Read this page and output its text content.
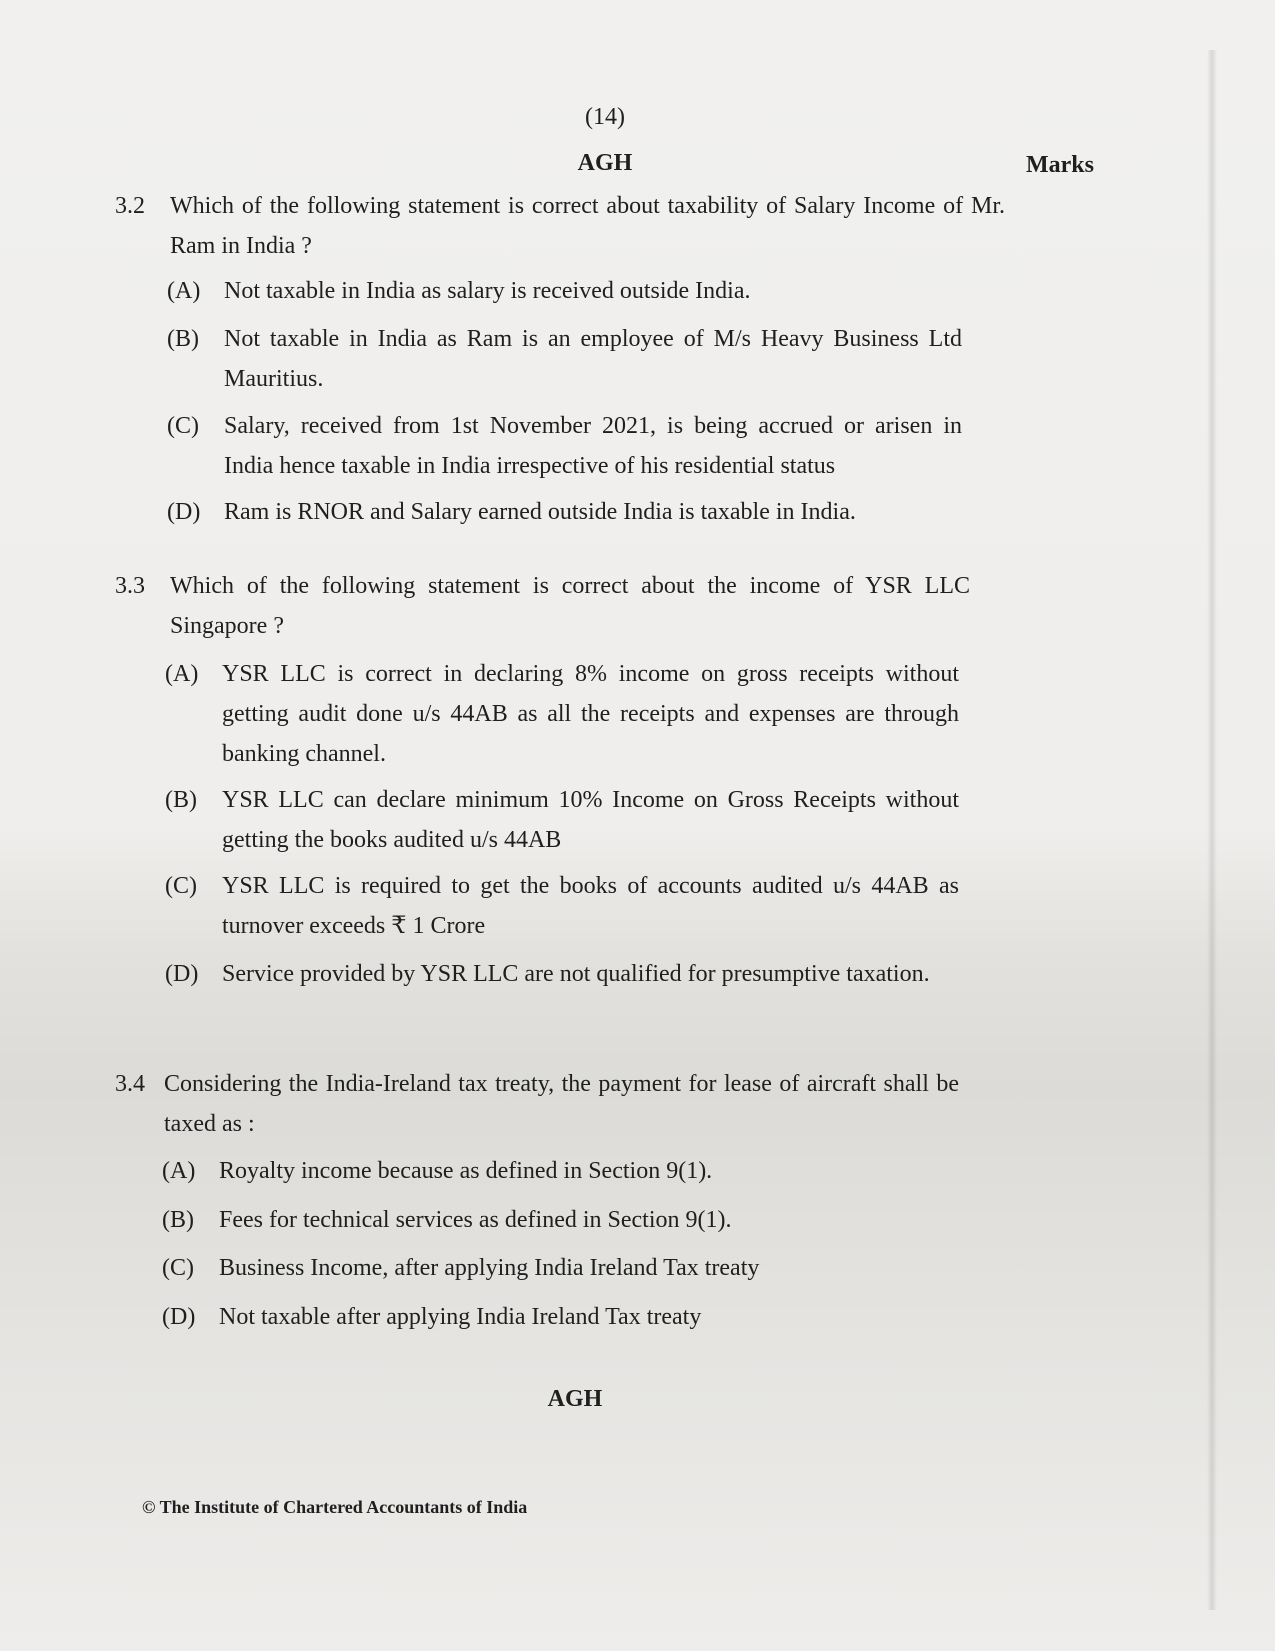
(14)
AGH	Marks
3.2 Which of the following statement is correct about taxability of Salary Income of Mr. Ram in India ?
(A) Not taxable in India as salary is received outside India.
(B) Not taxable in India as Ram is an employee of M/s Heavy Business Ltd Mauritius.
(C) Salary, received from 1st November 2021, is being accrued or arisen in India hence taxable in India irrespective of his residential status
(D) Ram is RNOR and Salary earned outside India is taxable in India.
3.3 Which of the following statement is correct about the income of YSR LLC Singapore ?
(A) YSR LLC is correct in declaring 8% income on gross receipts without getting audit done u/s 44AB as all the receipts and expenses are through banking channel.
(B) YSR LLC can declare minimum 10% Income on Gross Receipts without getting the books audited u/s 44AB
(C) YSR LLC is required to get the books of accounts audited u/s 44AB as turnover exceeds ₹ 1 Crore
(D) Service provided by YSR LLC are not qualified for presumptive taxation.
3.4 Considering the India-Ireland tax treaty, the payment for lease of aircraft shall be taxed as :
(A) Royalty income because as defined in Section 9(1).
(B) Fees for technical services as defined in Section 9(1).
(C) Business Income, after applying India Ireland Tax treaty
(D) Not taxable after applying India Ireland Tax treaty
AGH
© The Institute of Chartered Accountants of India
